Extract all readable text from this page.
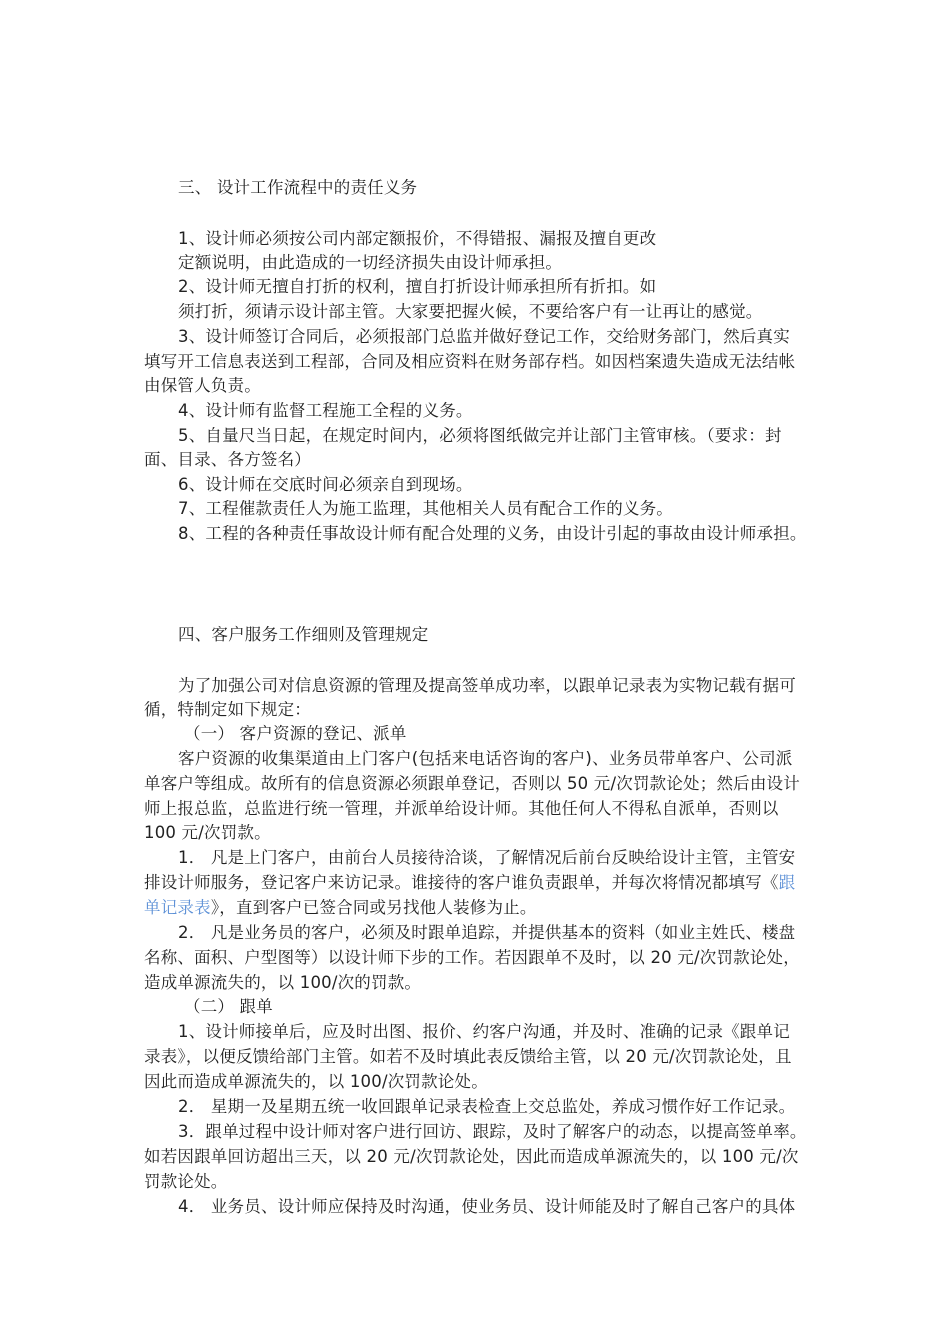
三、 设计工作流程中的责任义务
1、设计师必须按公司内部定额报价，不得错报、漏报及擅自更改
定额说明，由此造成的一切经济损失由设计师承担。
2、设计师无擅自打折的权利，擅自打折设计师承担所有折扣。如
须打折，须请示设计部主管。大家要把握火候，不要给客户有一让再让的感觉。
3、设计师签订合同后，必须报部门总监并做好登记工作，交给财务部门，然后真实
填写开工信息表送到工程部，合同及相应资料在财务部存档。如因档案遗失造成无法结帐
由保管人负责。
4、设计师有监督工程施工全程的义务。
5、自量尺当日起，在规定时间内，必须将图纸做完并让部门主管审核。（要求：封
面、目录、各方签名）
6、设计师在交底时间必须亲自到现场。
7、工程催款责任人为施工监理，其他相关人员有配合工作的义务。
8、工程的各种责任事故设计师有配合处理的义务，由设计引起的事故由设计师承担。
四、客户服务工作细则及管理规定
为了加强公司对信息资源的管理及提高签单成功率，以跟单记录表为实物记载有据可
循，特制定如下规定：
（一） 客户资源的登记、派单
客户资源的收集渠道由上门客户(包括来电话咨询的客户)、业务员带单客户、公司派
单客户等组成。故所有的信息资源必须跟单登记，否则以 50 元/次罚款论处；然后由设计
师上报总监，总监进行统一管理，并派单给设计师。其他任何人不得私自派单，否则以
100 元/次罚款。
1． 凡是上门客户，由前台人员接待洽谈，了解情况后前台反映给设计主管，主管安
排设计师服务，登记客户来访记录。谁接待的客户谁负责跟单，并每次将情况都填写《跟
单记录表》，直到客户已签合同或另找他人装修为止。
2． 凡是业务员的客户，必须及时跟单追踪，并提供基本的资料（如业主姓氏、楼盘
名称、面积、户型图等）以设计师下步的工作。若因跟单不及时，以 20 元/次罚款论处，
造成单源流失的，以 100/次的罚款。
（二） 跟单
1、设计师接单后，应及时出图、报价、约客户沟通，并及时、准确的记录《跟单记
录表》，以便反馈给部门主管。如若不及时填此表反馈给主管，以 20 元/次罚款论处，且
因此而造成单源流失的，以 100/次罚款论处。
2． 星期一及星期五统一收回跟单记录表检查上交总监处，养成习惯作好工作记录。
3．跟单过程中设计师对客户进行回访、跟踪，及时了解客户的动态，以提高签单率。
如若因跟单回访超出三天，以 20 元/次罚款论处，因此而造成单源流失的，以 100 元/次
罚款论处。
4． 业务员、设计师应保持及时沟通，使业务员、设计师能及时了解自己客户的具体
